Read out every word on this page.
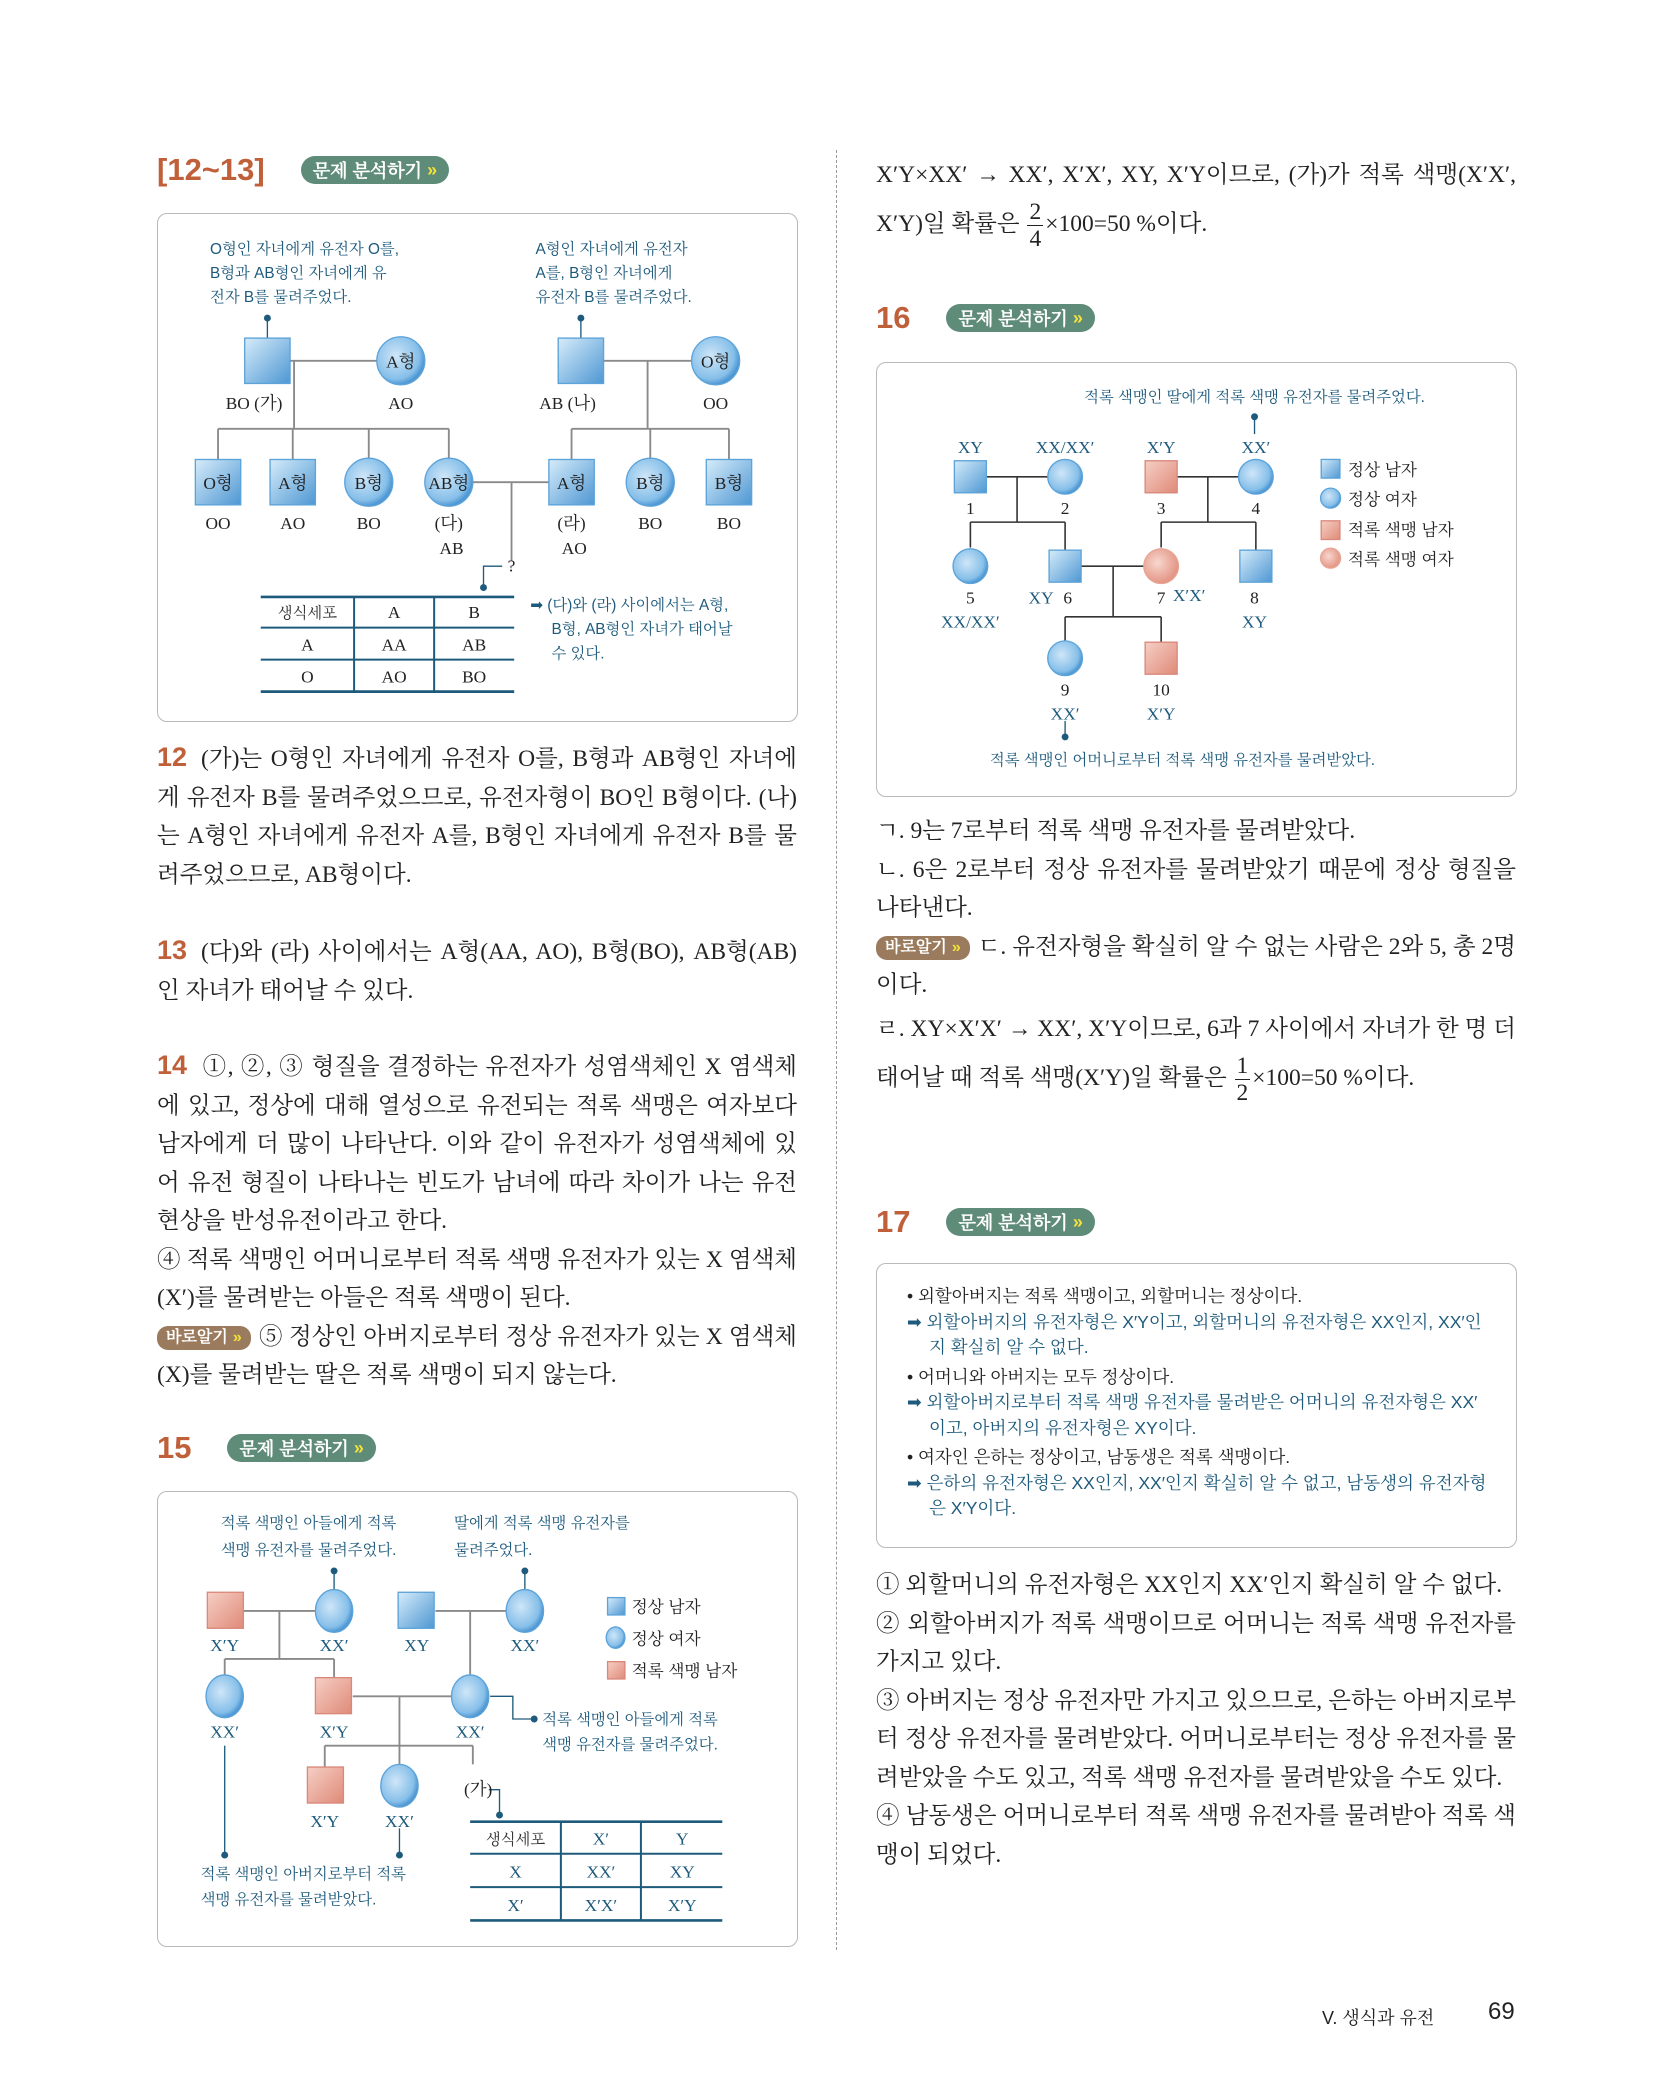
[12~13]	문제 분석하기 »
O형인 자녀에게 유전자 O를,
B형과 AB형인 자녀에게 유
전자 B를 물려주었다.
A형인 자녀에게 유전자
A를, B형인 자녀에게
유전자 B를 물려주었다.
?
A형
BO (가)	AO
O형	A형	B형	AB형
OO	AO	BO	(다)
AB
O형
AB (나)	OO
A형	B형	B형
(라)
AO
BO	BO
생식세포	A	B
A	AA	AB
O	AO	BO
➡ (다)와 (라) 사이에서는 A형,
B형, AB형인 자녀가 태어날
수 있다.
12 (가)는 O형인 자녀에게 유전자 O를, B형과 AB형인 자녀에게 유전자 B를 물려주었으므로, 유전자형이 BO인 B형이다. (나)는 A형인 자녀에게 유전자 A를, B형인 자녀에게 유전자 B를 물려주었으므로, AB형이다.
13 (다)와 (라) 사이에서는 A형(AA, AO), B형(BO), AB형(AB)인 자녀가 태어날 수 있다.
14 ①, ②, ③ 형질을 결정하는 유전자가 성염색체인 X 염색체에 있고, 정상에 대해 열성으로 유전되는 적록 색맹은 여자보다 남자에게 더 많이 나타난다. 이와 같이 유전자가 성염색체에 있어 유전 형질이 나타나는 빈도가 남녀에 따라 차이가 나는 유전 현상을 반성유전이라고 한다.
④ 적록 색맹인 어머니로부터 적록 색맹 유전자가 있는 X 염색체(X′)를 물려받는 아들은 적록 색맹이 된다.
바로알기 » ⑤ 정상인 아버지로부터 정상 유전자가 있는 X 염색체(X)를 물려받는 딸은 적록 색맹이 되지 않는다.
15	문제 분석하기 »
적록 색맹인 아들에게 적록
색맹 유전자를 물려주었다.
딸에게 적록 색맹 유전자를
물려주었다.
X′Y	XX′	XY	XX′
XX′	X′Y	XX′
X′Y	XX′
(가)
적록 색맹인 아들에게 적록
색맹 유전자를 물려주었다.
적록 색맹인 아버지로부터 적록
색맹 유전자를 물려받았다.
정상 남자
정상 여자
적록 색맹 남자
생식세포	X′	Y
X	XX′	XY
X′	X′X′	X′Y
X′Y×XX′ → XX′, X′X′, XY, X′Y이므로, (가)가 적록 색맹(X′X′, X′Y)일 확률은 $\frac{2}{4} \times 100=50$ %이다.
16	문제 분석하기 »
적록 색맹인 딸에게 적록 색맹 유전자를 물려주었다.
XY	XX/XX′	X′Y	XX′
1	2	3	4
5
XX/XX′
XY 6	7 X′X′	8
XY
9
XX′
10
X′Y
적록 색맹인 어머니로부터 적록 색맹 유전자를 물려받았다.
정상 남자
정상 여자
적록 색맹 남자
적록 색맹 여자
ㄱ. 9는 7로부터 적록 색맹 유전자를 물려받았다.
ㄴ. 6은 2로부터 정상 유전자를 물려받았기 때문에 정상 형질을 나타낸다.
바로알기 » ㄷ. 유전자형을 확실히 알 수 없는 사람은 2와 5, 총 2명이다.
ㄹ. XY×X′X′ → XX′, X′Y이므로, 6과 7 사이에서 자녀가 한 명 더 태어날 때 적록 색맹(X′Y)일 확률은 $\frac{1}{2} \times 100=50$ %이다.
17	문제 분석하기 »
• 외할아버지는 적록 색맹이고, 외할머니는 정상이다.
➡ 외할아버지의 유전자형은 X′Y이고, 외할머니의 유전자형은 XX인지, XX′인지 확실히 알 수 없다.
• 어머니와 아버지는 모두 정상이다.
➡ 외할아버지로부터 적록 색맹 유전자를 물려받은 어머니의 유전자형은 XX′이고, 아버지의 유전자형은 XY이다.
• 여자인 은하는 정상이고, 남동생은 적록 색맹이다.
➡ 은하의 유전자형은 XX인지, XX′인지 확실히 알 수 없고, 남동생의 유전자형은 X′Y이다.
① 외할머니의 유전자형은 XX인지 XX′인지 확실히 알 수 없다.
② 외할아버지가 적록 색맹이므로 어머니는 적록 색맹 유전자를 가지고 있다.
③ 아버지는 정상 유전자만 가지고 있으므로, 은하는 아버지로부터 정상 유전자를 물려받았다. 어머니로부터는 정상 유전자를 물려받았을 수도 있고, 적록 색맹 유전자를 물려받았을 수도 있다.
④ 남동생은 어머니로부터 적록 색맹 유전자를 물려받아 적록 색맹이 되었다.
V. 생식과 유전 69
